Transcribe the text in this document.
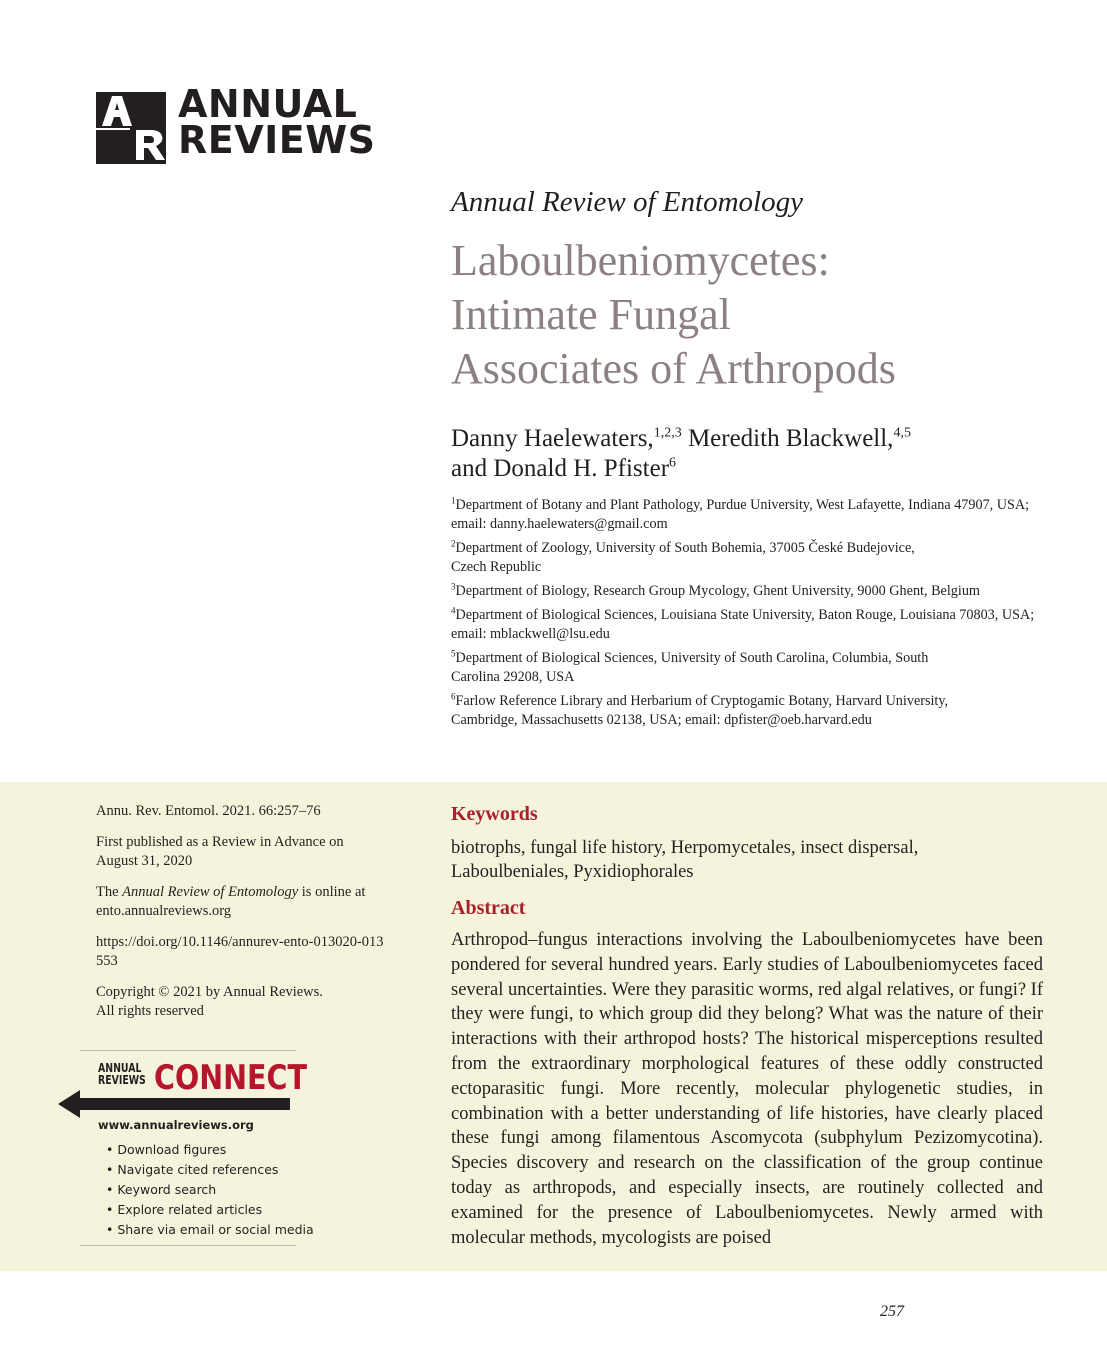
ANNUAL
REVIEWS
Annual Review of Entomology
Laboulbeniomycetes:
Intimate Fungal
Associates of Arthropods
Danny Haelewaters,$^{1,2,3}$ Meredith Blackwell,$^{4,5}$
and Donald H. Pfister$^6$
$^1$Department of Botany and Plant Pathology, Purdue University, West Lafayette, Indiana 47907, USA; email: danny.haelewaters@gmail.com
$^2$Department of Zoology, University of South Bohemia, 37005 České Budejovice, Czech Republic
$^3$Department of Biology, Research Group Mycology, Ghent University, 9000 Ghent, Belgium
$^4$Department of Biological Sciences, Louisiana State University, Baton Rouge, Louisiana 70803, USA; email: mblackwell@lsu.edu
$^5$Department of Biological Sciences, University of South Carolina, Columbia, South Carolina 29208, USA
$^6$Farlow Reference Library and Herbarium of Cryptogamic Botany, Harvard University, Cambridge, Massachusetts 02138, USA; email: dpfister@oeb.harvard.edu

Annu. Rev. Entomol. 2021. 66:257–76

First published as a Review in Advance on August 31, 2020

The Annual Review of Entomology is online at ento.annualreviews.org

https://doi.org/10.1146/annurev-ento-013020-013553

Copyright © 2021 by Annual Reviews.
All rights reserved

ANNUAL
REVIEWS CONNECT
www.annualreviews.org
• Download figures
• Navigate cited references
• Keyword search
• Explore related articles
• Share via email or social media
Keywords

biotrophs, fungal life history, Herpomycetales, insect dispersal, Laboulbeniales, Pyxidiophorales

Abstract

Arthropod–fungus interactions involving the Laboulbeniomycetes have been pondered for several hundred years. Early studies of Laboulbeniomycetes faced several uncertainties. Were they parasitic worms, red algal relatives, or fungi? If they were fungi, to which group did they belong? What was the nature of their interactions with their arthropod hosts? The historical misperceptions resulted from the extraordinary morphological features of these oddly constructed ectoparasitic fungi. More recently, molecular phylogenetic studies, in combination with a better understanding of life histories, have clearly placed these fungi among filamentous Ascomycota (subphylum Pezizomycotina). Species discovery and research on the classification of the group continue today as arthropods, and especially insects, are routinely collected and examined for the presence of Laboulbeniomycetes. Newly armed with molecular methods, mycologists are poised

257
